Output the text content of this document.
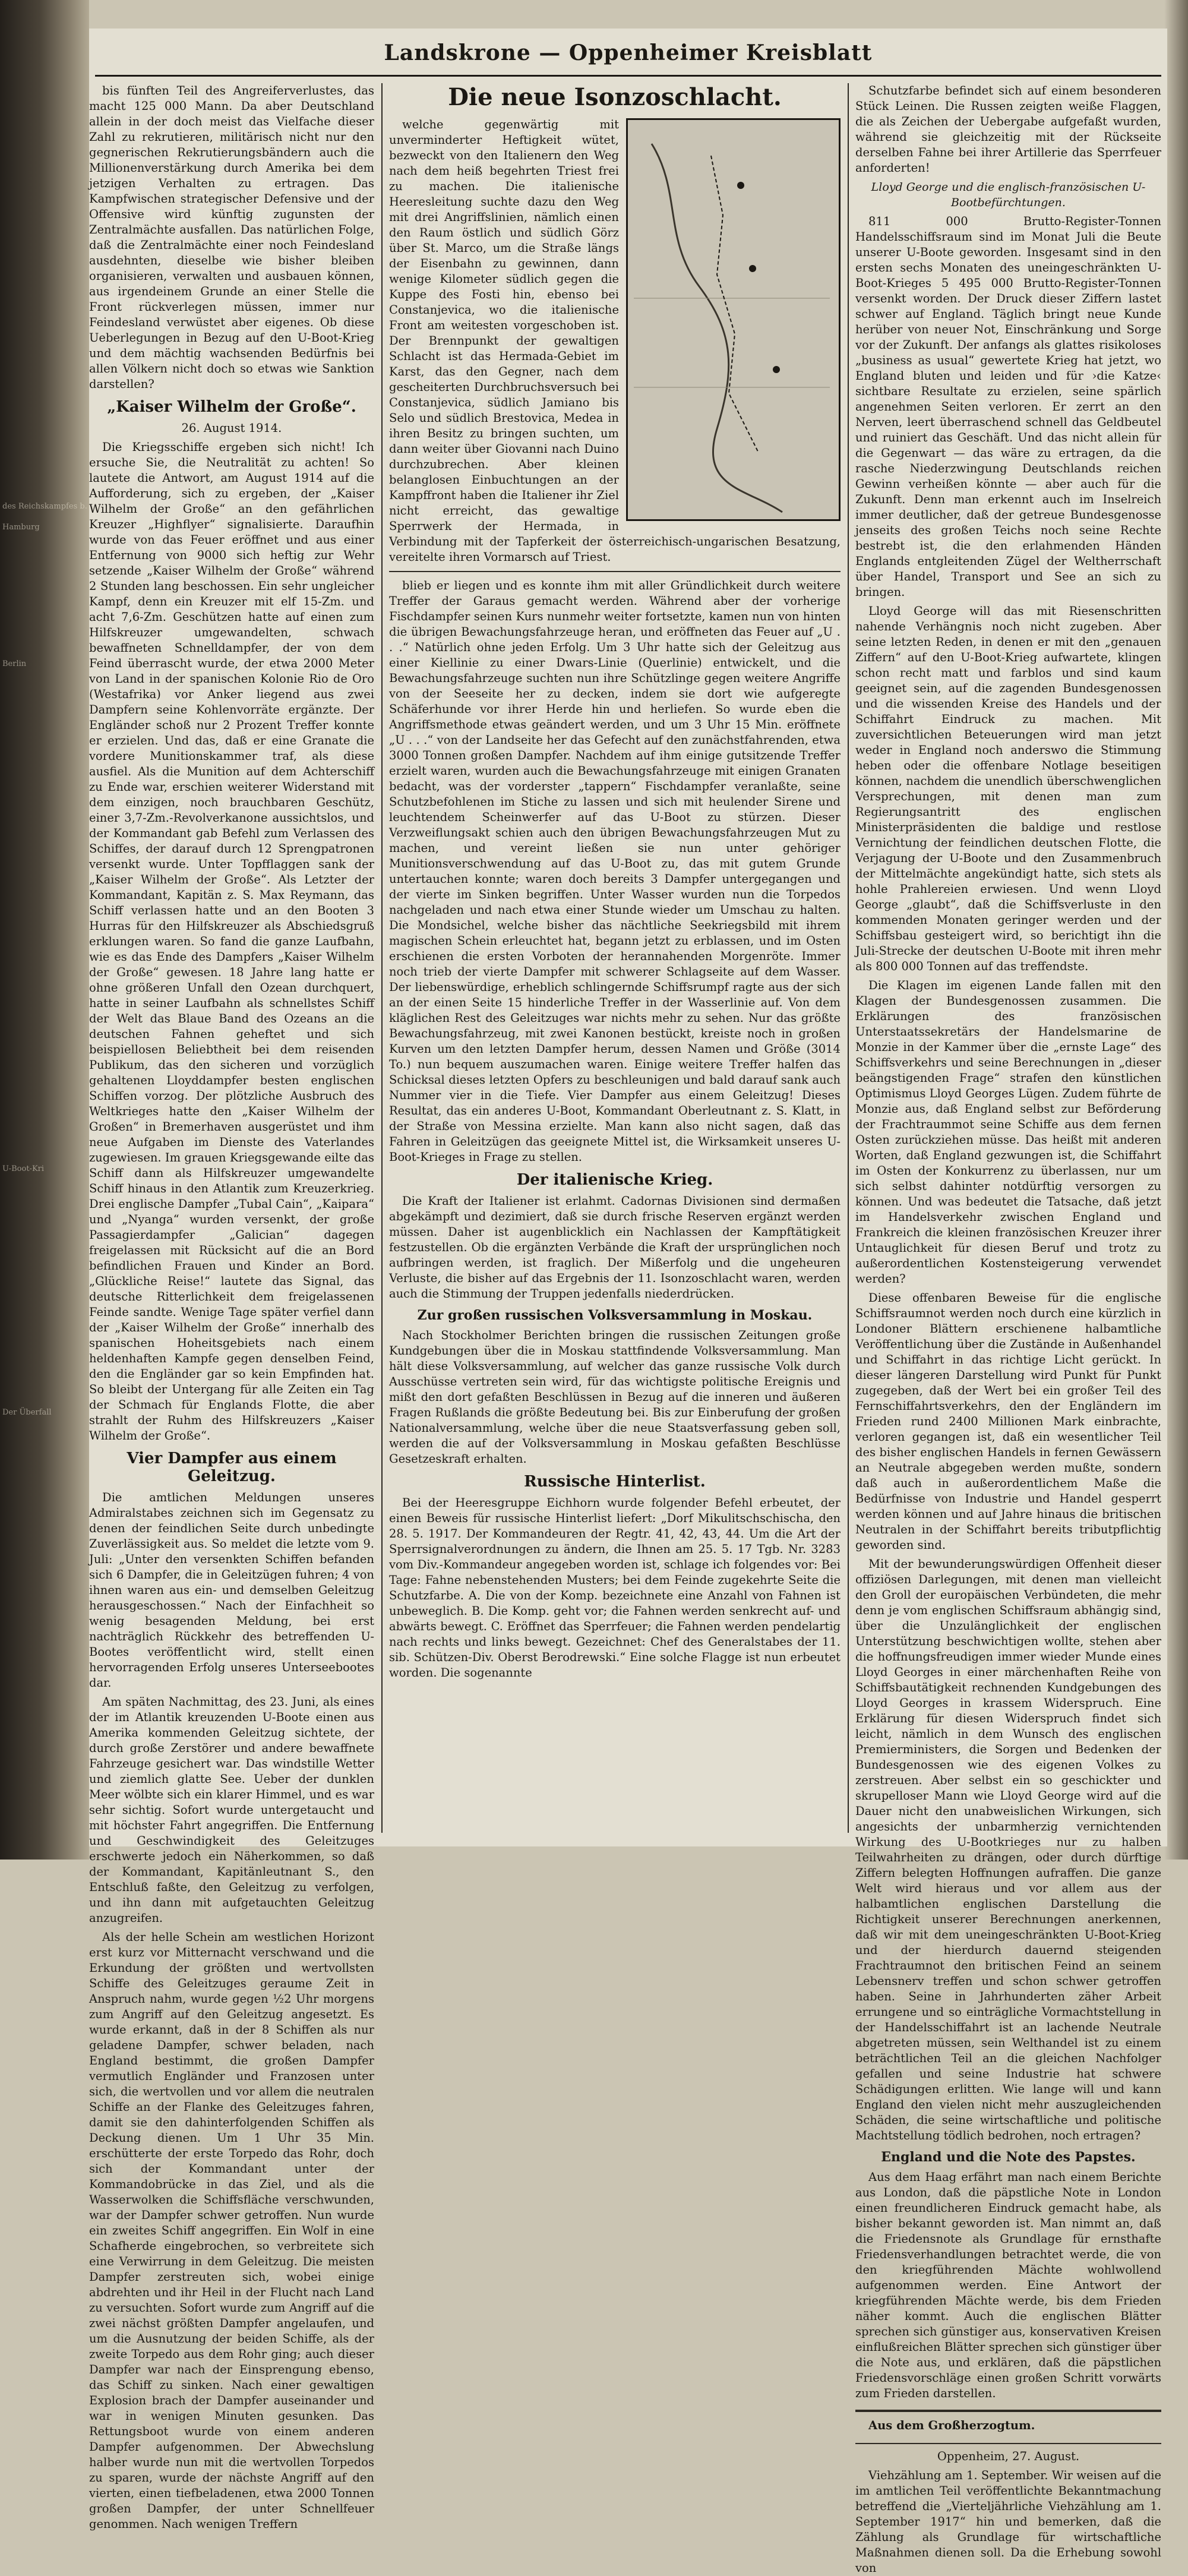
des Reichskampfes b.
Hamburg
Berlin
U-Boot-Kri
Der Überfall
Landskrone — Oppenheimer Kreisblatt

bis fünften Teil des Angreiferverlustes, das macht 125 000 Mann. Da aber Deutschland allein in der doch meist das Vielfache dieser Zahl zu rekrutieren, militärisch nicht nur den gegnerischen Rekrutierungsbändern auch die Millionenverstärkung durch Amerika bei dem jetzigen Verhalten zu ertragen. Das Kampfwischen strategischer Defensive und der Offensive wird künftig zugunsten der Zentralmächte ausfallen. Das natürlichen Folge, daß die Zentralmächte einer noch Feindesland ausdehnten, dieselbe wie bisher bleiben organisieren, verwalten und ausbauen können, aus irgendeinem Grunde an einer Stelle die Front rückverlegen müssen, immer nur Feindesland verwüstet aber eigenes. Ob diese Ueberlegungen in Bezug auf den U-Boot-Krieg und dem mächtig wachsenden Bedürfnis bei allen Völkern nicht doch so etwas wie Sanktion darstellen?

„Kaiser Wilhelm der Große“.

26. August 1914.

Die Kriegsschiffe ergeben sich nicht! Ich ersuche Sie, die Neutralität zu achten! So lautete die Antwort, am August 1914 auf die Aufforderung, sich zu ergeben, der „Kaiser Wilhelm der Große“ an den gefährlichen Kreuzer „Highflyer“ signalisierte. Daraufhin wurde von das Feuer eröffnet und aus einer Entfernung von 9000 sich heftig zur Wehr setzende „Kaiser Wilhelm der Große“ während 2 Stunden lang beschossen. Ein sehr ungleicher Kampf, denn ein Kreuzer mit elf 15-Zm. und acht 7,6-Zm. Geschützen hatte auf einen zum Hilfskreuzer umgewandelten, schwach bewaffneten Schnelldampfer, der von dem Feind überrascht wurde, der etwa 2000 Meter von Land in der spanischen Kolonie Rio de Oro (Westafrika) vor Anker liegend aus zwei Dampfern seine Kohlenvorräte ergänzte. Der Engländer schoß nur 2 Prozent Treffer konnte er erzielen. Und das, daß er eine Granate die vordere Munitionskammer traf, als diese ausfiel. Als die Munition auf dem Achterschiff zu Ende war, erschien weiterer Widerstand mit dem einzigen, noch brauchbaren Geschütz, einer 3,7-Zm.-Revolverkanone aussichtslos, und der Kommandant gab Befehl zum Verlassen des Schiffes, der darauf durch 12 Sprengpatronen versenkt wurde. Unter Topfflaggen sank der „Kaiser Wilhelm der Große“. Als Letzter der Kommandant, Kapitän z. S. Max Reymann, das Schiff verlassen hatte und an den Booten 3 Hurras für den Hilfskreuzer als Abschiedsgruß erklungen waren. So fand die ganze Laufbahn, wie es das Ende des Dampfers „Kaiser Wilhelm der Große“ gewesen. 18 Jahre lang hatte er ohne größeren Unfall den Ozean durchquert, hatte in seiner Laufbahn als schnellstes Schiff der Welt das Blaue Band des Ozeans an die deutschen Fahnen geheftet und sich beispiellosen Beliebtheit bei dem reisenden Publikum, das den sicheren und vorzüglich gehaltenen Lloyddampfer besten englischen Schiffen vorzog. Der plötzliche Ausbruch des Weltkrieges hatte den „Kaiser Wilhelm der Großen“ in Bremerhaven ausgerüstet und ihm neue Aufgaben im Dienste des Vaterlandes zugewiesen. Im grauen Kriegsgewande eilte das Schiff dann als Hilfskreuzer umgewandelte Schiff hinaus in den Atlantik zum Kreuzerkrieg. Drei englische Dampfer „Tubal Cain“, „Kaipara“ und „Nyanga“ wurden versenkt, der große Passagierdampfer „Galician“ dagegen freigelassen mit Rücksicht auf die an Bord befindlichen Frauen und Kinder an Bord. „Glückliche Reise!“ lautete das Signal, das deutsche Ritterlichkeit dem freigelassenen Feinde sandte. Wenige Tage später verfiel dann der „Kaiser Wilhelm der Große“ innerhalb des spanischen Hoheitsgebiets nach einem heldenhaften Kampfe gegen denselben Feind, den die Engländer gar so kein Empfinden hat. So bleibt der Untergang für alle Zeiten ein Tag der Schmach für Englands Flotte, die aber strahlt der Ruhm des Hilfskreuzers „Kaiser Wilhelm der Große“.

Vier Dampfer aus einem Geleitzug.

Die amtlichen Meldungen unseres Admiralstabes zeichnen sich im Gegensatz zu denen der feindlichen Seite durch unbedingte Zuverlässigkeit aus. So meldet die letzte vom 9. Juli: „Unter den versenkten Schiffen befanden sich 6 Dampfer, die in Geleitzügen fuhren; 4 von ihnen waren aus ein- und demselben Geleitzug herausgeschossen.“ Nach der Einfachheit so wenig besagenden Meldung, bei erst nachträglich Rückkehr des betreffenden U-Bootes veröffentlicht wird, stellt einen hervorragenden Erfolg unseres Unterseebootes dar.

Am späten Nachmittag, des 23. Juni, als eines der im Atlantik kreuzenden U-Boote einen aus Amerika kommenden Geleitzug sichtete, der durch große Zerstörer und andere bewaffnete Fahrzeuge gesichert war. Das windstille Wetter und ziemlich glatte See. Ueber der dunklen Meer wölbte sich ein klarer Himmel, und es war sehr sichtig. Sofort wurde untergetaucht und mit höchster Fahrt angegriffen. Die Entfernung und Geschwindigkeit des Geleitzuges erschwerte jedoch ein Näherkommen, so daß der Kommandant, Kapitänleutnant S., den Entschluß faßte, den Geleitzug zu verfolgen, und ihn dann mit aufgetauchten Geleitzug anzugreifen.

Als der helle Schein am westlichen Horizont erst kurz vor Mitternacht verschwand und die Erkundung der größten und wertvollsten Schiffe des Geleitzuges geraume Zeit in Anspruch nahm, wurde gegen ½2 Uhr morgens zum Angriff auf den Geleitzug angesetzt. Es wurde erkannt, daß in der 8 Schiffen als nur geladene Dampfer, schwer beladen, nach England bestimmt, die großen Dampfer vermutlich Engländer und Franzosen unter sich, die wertvollen und vor allem die neutralen Schiffe an der Flanke des Geleitzuges fahren, damit sie den dahinterfolgenden Schiffen als Deckung dienen. Um 1 Uhr 35 Min. erschütterte der erste Torpedo das Rohr, doch sich der Kommandant unter der Kommandobrücke in das Ziel, und als die Wasserwolken die Schiffsfläche verschwunden, war der Dampfer schwer getroffen. Nun wurde ein zweites Schiff angegriffen. Ein Wolf in eine Schafherde eingebrochen, so verbreitete sich eine Verwirrung in dem Geleitzug. Die meisten Dampfer zerstreuten sich, wobei einige abdrehten und ihr Heil in der Flucht nach Land zu versuchten. Sofort wurde zum Angriff auf die zwei nächst größten Dampfer angelaufen, und um die Ausnutzung der beiden Schiffe, als der zweite Torpedo aus dem Rohr ging; auch dieser Dampfer war nach der Einsprengung ebenso, das Schiff zu sinken. Nach einer gewaltigen Explosion brach der Dampfer auseinander und war in wenigen Minuten gesunken. Das Rettungsboot wurde von einem anderen Dampfer aufgenommen. Der Abwechslung halber wurde nun mit die wertvollen Torpedos zu sparen, wurde der nächste Angriff auf den vierten, einen tiefbeladenen, etwa 2000 Tonnen großen Dampfer, der unter Schnellfeuer genommen. Nach wenigen Treffern

Die neue Isonzoschlacht.

welche gegenwärtig mit unverminderter Heftigkeit wütet, bezweckt von den Italienern den Weg nach dem heiß begehrten Triest frei zu machen. Die italienische Heeresleitung suchte dazu den Weg mit drei Angriffslinien, nämlich einen den Raum östlich und südlich Görz über St. Marco, um die Straße längs der Eisenbahn zu gewinnen, dann wenige Kilometer südlich gegen die Kuppe des Fosti hin, ebenso bei Constanjevica, wo die italienische Front am weitesten vorgeschoben ist. Der Brennpunkt der gewaltigen Schlacht ist das Hermada-Gebiet im Karst, das den Gegner, nach dem gescheiterten Durchbruchsversuch bei Constanjevica, südlich Jamiano bis Selo und südlich Brestovica, Medea in ihren Besitz zu bringen suchten, um dann weiter über Giovanni nach Duino durchzubrechen. Aber kleinen belanglosen Einbuchtungen an der Kampffront haben die Italiener ihr Ziel nicht erreicht, das gewaltige Sperrwerk der Hermada, in Verbindung mit der Tapferkeit der österreichisch-ungarischen Besatzung, vereitelte ihren Vormarsch auf Triest.

blieb er liegen und es konnte ihm mit aller Gründlichkeit durch weitere Treffer der Garaus gemacht werden. Während aber der vorherige Fischdampfer seinen Kurs nunmehr weiter fortsetzte, kamen nun von hinten die übrigen Bewachungsfahrzeuge heran, und eröffneten das Feuer auf „U . . .“ Natürlich ohne jeden Erfolg. Um 3 Uhr hatte sich der Geleitzug aus einer Kiellinie zu einer Dwars-Linie (Querlinie) entwickelt, und die Bewachungsfahrzeuge suchten nun ihre Schützlinge gegen weitere Angriffe von der Seeseite her zu decken, indem sie dort wie aufgeregte Schäferhunde vor ihrer Herde hin und herliefen. So wurde eben die Angriffsmethode etwas geändert werden, und um 3 Uhr 15 Min. eröffnete „U . . .“ von der Landseite her das Gefecht auf den zunächstfahrenden, etwa 3000 Tonnen großen Dampfer. Nachdem auf ihm einige gutsitzende Treffer erzielt waren, wurden auch die Bewachungsfahrzeuge mit einigen Granaten bedacht, was der vorderster „tappern“ Fischdampfer veranlaßte, seine Schutzbefohlenen im Stiche zu lassen und sich mit heulender Sirene und leuchtendem Scheinwerfer auf das U-Boot zu stürzen. Dieser Verzweiflungsakt schien auch den übrigen Bewachungsfahrzeugen Mut zu machen, und vereint ließen sie nun unter gehöriger Munitionsverschwendung auf das U-Boot zu, das mit gutem Grunde untertauchen konnte; waren doch bereits 3 Dampfer untergegangen und der vierte im Sinken begriffen. Unter Wasser wurden nun die Torpedos nachgeladen und nach etwa einer Stunde wieder um Umschau zu halten. Die Mondsichel, welche bisher das nächtliche Seekriegsbild mit ihrem magischen Schein erleuchtet hat, begann jetzt zu erblassen, und im Osten erschienen die ersten Vorboten der herannahenden Morgenröte. Immer noch trieb der vierte Dampfer mit schwerer Schlagseite auf dem Wasser. Der liebenswürdige, erheblich schlingernde Schiffsrumpf ragte aus der sich an der einen Seite 15 hinderliche Treffer in der Wasserlinie auf. Von dem kläglichen Rest des Geleitzuges war nichts mehr zu sehen. Nur das größte Bewachungsfahrzeug, mit zwei Kanonen bestückt, kreiste noch in großen Kurven um den letzten Dampfer herum, dessen Namen und Größe (3014 To.) nun bequem auszumachen waren. Einige weitere Treffer halfen das Schicksal dieses letzten Opfers zu beschleunigen und bald darauf sank auch Nummer vier in die Tiefe. Vier Dampfer aus einem Geleitzug! Dieses Resultat, das ein anderes U-Boot, Kommandant Oberleutnant z. S. Klatt, in der Straße von Messina erzielte. Man kann also nicht sagen, daß das Fahren in Geleitzügen das geeignete Mittel ist, die Wirksamkeit unseres U-Boot-Krieges in Frage zu stellen.

Der italienische Krieg.

Die Kraft der Italiener ist erlahmt. Cadornas Divisionen sind dermaßen abgekämpft und dezimiert, daß sie durch frische Reserven ergänzt werden müssen. Daher ist augenblicklich ein Nachlassen der Kampftätigkeit festzustellen. Ob die ergänzten Verbände die Kraft der ursprünglichen noch aufbringen werden, ist fraglich. Der Mißerfolg und die ungeheuren Verluste, die bisher auf das Ergebnis der 11. Isonzoschlacht waren, werden auch die Stimmung der Truppen jedenfalls niederdrücken.

Zur großen russischen Volksversammlung in Moskau.

Nach Stockholmer Berichten bringen die russischen Zeitungen große Kundgebungen über die in Moskau stattfindende Volksversammlung. Man hält diese Volksversammlung, auf welcher das ganze russische Volk durch Ausschüsse vertreten sein wird, für das wichtigste politische Ereignis und mißt den dort gefaßten Beschlüssen in Bezug auf die inneren und äußeren Fragen Rußlands die größte Bedeutung bei. Bis zur Einberufung der großen Nationalversammlung, welche über die neue Staatsverfassung geben soll, werden die auf der Volksversammlung in Moskau gefaßten Beschlüsse Gesetzeskraft erhalten.

Russische Hinterlist.

Bei der Heeresgruppe Eichhorn wurde folgender Befehl erbeutet, der einen Beweis für russische Hinterlist liefert: „Dorf Mikulitschschischa, den 28. 5. 1917. Der Kommandeuren der Regtr. 41, 42, 43, 44. Um die Art der Sperrsignalverordnungen zu ändern, die Ihnen am 25. 5. 17 Tgb. Nr. 3283 vom Div.-Kommandeur angegeben worden ist, schlage ich folgendes vor: Bei Tage: Fahne nebenstehenden Musters; bei dem Feinde zugekehrte Seite die Schutzfarbe. A. Die von der Komp. bezeichnete eine Anzahl von Fahnen ist unbeweglich. B. Die Komp. geht vor; die Fahnen werden senkrecht auf- und abwärts bewegt. C. Eröffnet das Sperrfeuer; die Fahnen werden pendelartig nach rechts und links bewegt. Gezeichnet: Chef des Generalstabes der 11. sib. Schützen-Div. Oberst Berodrewski.“ Eine solche Flagge ist nun erbeutet worden. Die sogenannte

Schutzfarbe befindet sich auf einem besonderen Stück Leinen. Die Russen zeigten weiße Flaggen, die als Zeichen der Uebergabe aufgefaßt wurden, während sie gleichzeitig mit der Rückseite derselben Fahne bei ihrer Artillerie das Sperrfeuer anforderten!

Lloyd George und die englisch-französischen U-Bootbefürchtungen.

811 000 Brutto-Register-Tonnen Handelsschiffsraum sind im Monat Juli die Beute unserer U-Boote geworden. Insgesamt sind in den ersten sechs Monaten des uneingeschränkten U-Boot-Krieges 5 495 000 Brutto-Register-Tonnen versenkt worden. Der Druck dieser Ziffern lastet schwer auf England. Täglich bringt neue Kunde herüber von neuer Not, Einschränkung und Sorge vor der Zukunft. Der anfangs als glattes risikoloses „business as usual“ gewertete Krieg hat jetzt, wo England bluten und leiden und für ›die Katze‹ sichtbare Resultate zu erzielen, seine spärlich angenehmen Seiten verloren. Er zerrt an den Nerven, leert überraschend schnell das Geldbeutel und ruiniert das Geschäft. Und das nicht allein für die Gegenwart — das wäre zu ertragen, da die rasche Niederzwingung Deutschlands reichen Gewinn verheißen könnte — aber auch für die Zukunft. Denn man erkennt auch im Inselreich immer deutlicher, daß der getreue Bundesgenosse jenseits des großen Teichs noch seine Rechte bestrebt ist, die den erlahmenden Händen Englands entgleitenden Zügel der Weltherrschaft über Handel, Transport und See an sich zu bringen.

Lloyd George will das mit Riesenschritten nahende Verhängnis noch nicht zugeben. Aber seine letzten Reden, in denen er mit den „genauen Ziffern“ auf den U-Boot-Krieg aufwartete, klingen schon recht matt und farblos und sind kaum geeignet sein, auf die zagenden Bundesgenossen und die wissenden Kreise des Handels und der Schiffahrt Eindruck zu machen. Mit zuversichtlichen Beteuerungen wird man jetzt weder in England noch anderswo die Stimmung heben oder die offenbare Notlage beseitigen können, nachdem die unendlich überschwenglichen Versprechungen, mit denen man zum Regierungsantritt des englischen Ministerpräsidenten die baldige und restlose Vernichtung der feindlichen deutschen Flotte, die Verjagung der U-Boote und den Zusammenbruch der Mittelmächte angekündigt hatte, sich stets als hohle Prahlereien erwiesen. Und wenn Lloyd George „glaubt“, daß die Schiffsverluste in den kommenden Monaten geringer werden und der Schiffsbau gesteigert wird, so berichtigt ihn die Juli-Strecke der deutschen U-Boote mit ihren mehr als 800 000 Tonnen auf das treffendste.

Die Klagen im eigenen Lande fallen mit den Klagen der Bundesgenossen zusammen. Die Erklärungen des französischen Unterstaatssekretärs der Handelsmarine de Monzie in der Kammer über die „ernste Lage“ des Schiffsverkehrs und seine Berechnungen in „dieser beängstigenden Frage“ strafen den künstlichen Optimismus Lloyd Georges Lügen. Zudem führte de Monzie aus, daß England selbst zur Beförderung der Frachtraummot seine Schiffe aus dem fernen Osten zurückziehen müsse. Das heißt mit anderen Worten, daß England gezwungen ist, die Schiffahrt im Osten der Konkurrenz zu überlassen, nur um sich selbst dahinter notdürftig versorgen zu können. Und was bedeutet die Tatsache, daß jetzt im Handelsverkehr zwischen England und Frankreich die kleinen französischen Kreuzer ihrer Untauglichkeit für diesen Beruf und trotz zu außerordentlichen Kostensteigerung verwendet werden?

Diese offenbaren Beweise für die englische Schiffsraumnot werden noch durch eine kürzlich in Londoner Blättern erschienene halbamtliche Veröffentlichung über die Zustände in Außenhandel und Schiffahrt in das richtige Licht gerückt. In dieser längeren Darstellung wird Punkt für Punkt zugegeben, daß der Wert bei ein großer Teil des Fernschiffahrtsverkehrs, den der Engländern im Frieden rund 2400 Millionen Mark einbrachte, verloren gegangen ist, daß ein wesentlicher Teil des bisher englischen Handels in fernen Gewässern an Neutrale abgegeben werden mußte, sondern daß auch in außerordentlichem Maße die Bedürfnisse von Industrie und Handel gesperrt werden können und auf Jahre hinaus die britischen Neutralen in der Schiffahrt bereits tributpflichtig geworden sind.

Mit der bewunderungswürdigen Offenheit dieser offiziösen Darlegungen, mit denen man vielleicht den Groll der europäischen Verbündeten, die mehr denn je vom englischen Schiffsraum abhängig sind, über die Unzulänglichkeit der englischen Unterstützung beschwichtigen wollte, stehen aber die hoffnungsfreudigen immer wieder Munde eines Lloyd Georges in einer märchenhaften Reihe von Schiffsbautätigkeit rechnenden Kundgebungen des Lloyd Georges in krassem Widerspruch. Eine Erklärung für diesen Widerspruch findet sich leicht, nämlich in dem Wunsch des englischen Premierministers, die Sorgen und Bedenken der Bundesgenossen wie des eigenen Volkes zu zerstreuen. Aber selbst ein so geschickter und skrupelloser Mann wie Lloyd George wird auf die Dauer nicht den unabweislichen Wirkungen, sich angesichts der unbarmherzig vernichtenden Wirkung des U-Bootkrieges nur zu halben Teilwahrheiten zu drängen, oder durch dürftige Ziffern belegten Hoffnungen aufraffen. Die ganze Welt wird hieraus und vor allem aus der halbamtlichen englischen Darstellung die Richtigkeit unserer Berechnungen anerkennen, daß wir mit dem uneingeschränkten U-Boot-Krieg und der hierdurch dauernd steigenden Frachtraumnot den britischen Feind an seinem Lebensnerv treffen und schon schwer getroffen haben. Seine in Jahrhunderten zäher Arbeit errungene und so einträgliche Vormachtstellung in der Handelsschiffahrt ist an lachende Neutrale abgetreten müssen, sein Welthandel ist zu einem beträchtlichen Teil an die gleichen Nachfolger gefallen und seine Industrie hat schwere Schädigungen erlitten. Wie lange will und kann England den vielen nicht mehr auszugleichenden Schäden, die seine wirtschaftliche und politische Machtstellung tödlich bedrohen, noch ertragen?

England und die Note des Papstes.

Aus dem Haag erfährt man nach einem Berichte aus London, daß die päpstliche Note in London einen freundlicheren Eindruck gemacht habe, als bisher bekannt geworden ist. Man nimmt an, daß die Friedensnote als Grundlage für ernsthafte Friedensverhandlungen betrachtet werde, die von den kriegführenden Mächte wohlwollend aufgenommen werden. Eine Antwort der kriegführenden Mächte werde, bis dem Frieden näher kommt. Auch die englischen Blätter sprechen sich günstiger aus, konservativen Kreisen einflußreichen Blätter sprechen sich günstiger über die Note aus, und erklären, daß die päpstlichen Friedensvorschläge einen großen Schritt vorwärts zum Frieden darstellen.

Aus dem Großherzogtum.

Oppenheim, 27. August.

Viehzählung am 1. September. Wir weisen auf die im amtlichen Teil veröffentlichte Bekanntmachung betreffend die „Vierteljährliche Viehzählung am 1. September 1917“ hin und bemerken, daß die Zählung als Grundlage für wirtschaftliche Maßnahmen dienen soll. Da die Erhebung sowohl von
